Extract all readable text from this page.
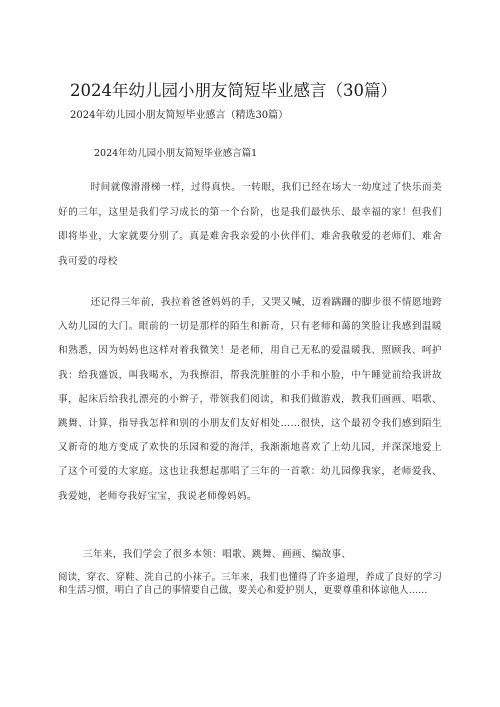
2024年幼儿园小朋友简短毕业感言（30篇）

2024年幼儿园小朋友简短毕业感言（精选30篇）

2024年幼儿园小朋友简短毕业感言篇1

时间就像滑滑梯一样，过得真快。一转眼，我们已经在场大一幼度过了快乐而美好的三年，这里是我们学习成长的第一个台阶，也是我们最快乐、最幸福的家！但我们即将毕业，大家就要分别了。真是难舍我亲爱的小伙伴们、难舍我敬爱的老师们、难舍我可爱的母校

还记得三年前，我拉着爸爸妈妈的手，又哭又喊，迈着蹒跚的脚步很不情愿地跨入幼儿园的大门。眼前的一切是那样的陌生和新奇，只有老师和蔼的笑脸让我感到温暖和熟悉，因为妈妈也这样对着我微笑！是老师，用自己无私的爱温暖我、照顾我、呵护我：给我盛饭，叫我喝水，为我擦泪，帮我洗脏脏的小手和小脸，中午睡觉前给我讲故事，起床后给我扎漂亮的小辫子，带领我们阅读，和我们做游戏，教我们画画、唱歌、跳舞、计算，指导我怎样和别的小朋友们友好相处……很快，这个最初令我们感到陌生又新奇的地方变成了欢快的乐园和爱的海洋，我渐渐地喜欢了上幼儿园，并深深地爱上了这个可爱的大家庭。这也让我想起那唱了三年的一首歌：幼儿园像我家，老师爱我、我爱她，老师夸我好宝宝，我说老师像妈妈。

三年来，我们学会了很多本领：唱歌、跳舞、画画、编故事、

阅读，穿衣、穿鞋、洗自己的小袜子。三年来，我们也懂得了许多道理，养成了良好的学习和生活习惯，明白了自己的事情要自己做，要关心和爱护别人，更要尊重和体谅他人……
